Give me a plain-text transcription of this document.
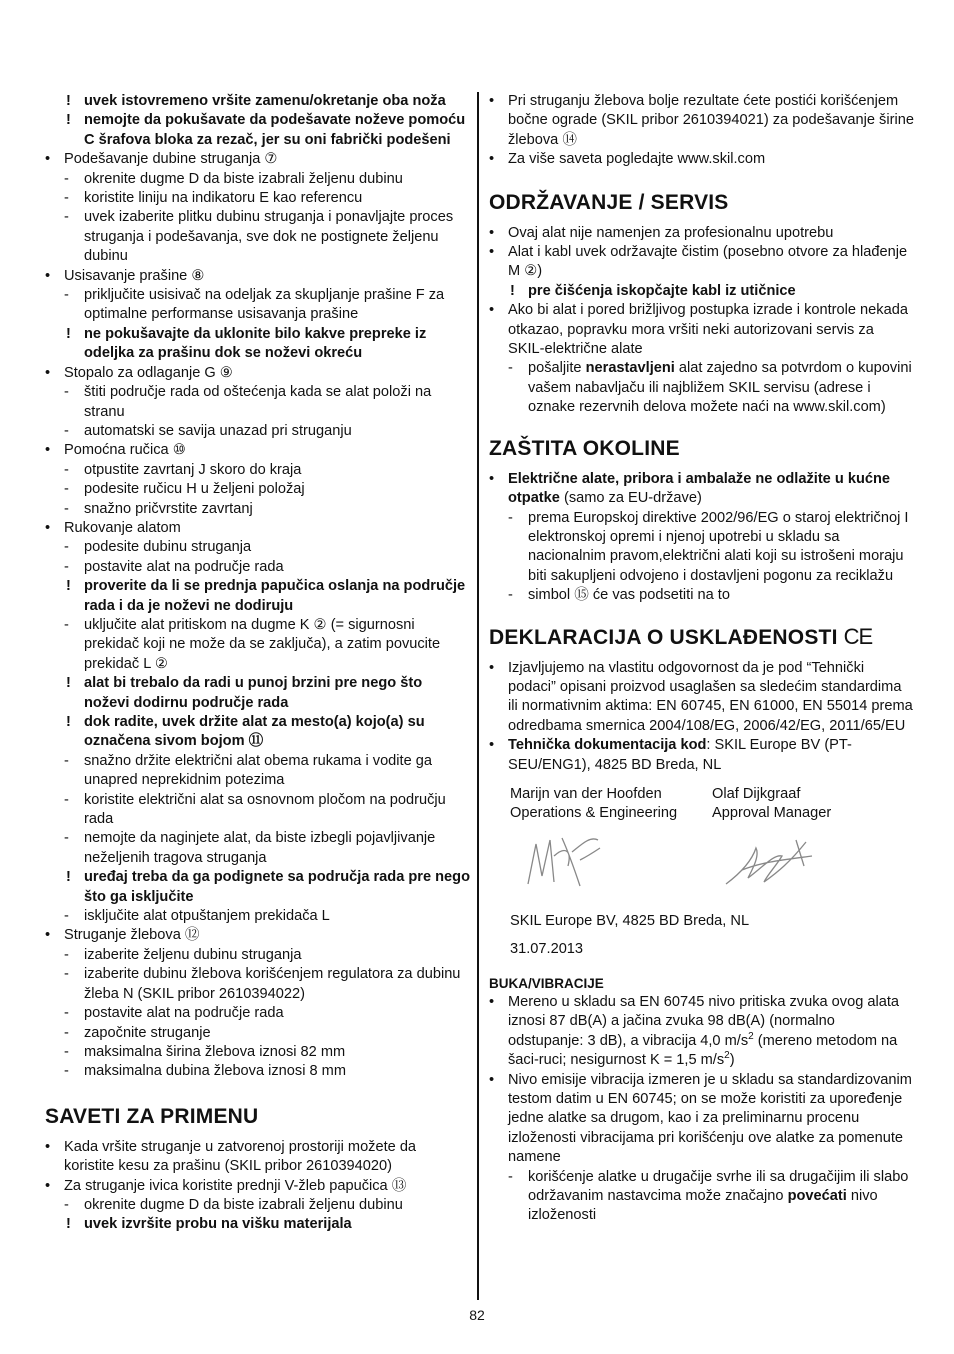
! uvek istovremeno vršite zamenu/okretanje oba noža
! nemojte da pokušavate da podešavate noževe pomoću C šrafova bloka za rezač, jer su oni fabrički podešeni
• Podešavanje dubine struganja ⑦
- okrenite dugme D da biste izabrali željenu dubinu
- koristite liniju na indikatoru E kao referencu
- uvek izaberite plitku dubinu struganja i ponavljajte proces struganja i podešavanja, sve dok ne postignete željenu dubinu
• Usisavanje prašine ⑧
- priključite usisivač na odeljak za skupljanje prašine F za optimalne performanse usisavanja prašine
! ne pokušavajte da uklonite bilo kakve prepreke iz odeljka za prašinu dok se noževi okreću
• Stopalo za odlaganje G ⑨
- štiti područje rada od oštećenja kada se alat položi na stranu
- automatski se savija unazad pri struganju
• Pomoćna ručica ⑩
- otpustite zavrtanj J skoro do kraja
- podesite ručicu H u željeni položaj
- snažno pričvrstite zavrtanj
• Rukovanje alatom
- podesite dubinu struganja
- postavite alat na područje rada
! proverite da li se prednja papučica oslanja na područje rada i da je noževi ne dodiruju
- uključite alat pritiskom na dugme K ② (= sigurnosni prekidač koji ne može da se zaključa), a zatim povucite prekidač L ②
! alat bi trebalo da radi u punoj brzini pre nego što noževi dodirnu područje rada
! dok radite, uvek držite alat za mesto(a) kojo(a) su označena sivom bojom ⑪
- snažno držite električni alat obema rukama i vodite ga unapred neprekidnim potezima
- koristite električni alat sa osnovnom pločom na području rada
- nemojte da naginjete alat, da biste izbegli pojavljivanje neželjenih tragova struganja
! uređaj treba da ga podignete sa područja rada pre nego što ga isključite
- isključite alat otpuštanjem prekidača L
• Struganje žlebova ⑫
- izaberite željenu dubinu struganja
- izaberite dubinu žlebova korišćenjem regulatora za dubinu žleba N (SKIL pribor 2610394022)
- postavite alat na područje rada
- započnite struganje
- maksimalna širina žlebova iznosi 82 mm
- maksimalna dubina žlebova iznosi 8 mm
SAVETI ZA PRIMENU
• Kada vršite struganje u zatvorenoj prostoriji možete da koristite kesu za prašinu (SKIL pribor 2610394020)
• Za struganje ivica koristite prednji V-žleb papučica ⑬
- okrenite dugme D da biste izabrali željenu dubinu
! uvek izvršite probu na višku materijala
• Pri struganju žlebova bolje rezultate ćete postići korišćenjem bočne ograde (SKIL pribor 2610394021) za podešavanje širine žlebova ⑭
• Za više saveta pogledajte www.skil.com
ODRŽAVANJE / SERVIS
• Ovaj alat nije namenjen za profesionalnu upotrebu
• Alat i kabl uvek održavajte čistim (posebno otvore za hlađenje M ②)
! pre čišćenja iskopčajte kabl iz utičnice
• Ako bi alat i pored brižljivog postupka izrade i kontrole nekada otkazao, popravku mora vršiti neki autorizovani servis za SKIL-električne alate
- pošaljite nerastavljeni alat zajedno sa potvrdom o kupovini vašem nabavljaču ili najbližem SKIL servisu (adrese i oznake rezervnih delova možete naći na www.skil.com)
ZAŠTITA OKOLINE
• Električne alate, pribora i ambalaže ne odlažite u kućne otpatke (samo za EU-države)
- prema Europskoj direktive 2002/96/EG o staroj električnoj I elektronskoj opremi i njenoj upotrebi u skladu sa nacionalnim pravom,električni alati koji su istrošeni moraju biti sakupljeni odvojeno i dostavljeni pogonu za reciklažu
- simbol ⑮ će vas podsetiti na to
DEKLARACIJA O USKLAĐENOSTI CE
• Izjavljujemo na vlastitu odgovornost da je pod “Tehnički podaci” opisani proizvod usaglašen sa sledećim standardima ili normativnim aktima: EN 60745, EN 61000, EN 55014 prema odredbama smernica 2004/108/EG, 2006/42/EG, 2011/65/EU
• Tehnička dokumentacija kod: SKIL Europe BV (PT-SEU/ENG1), 4825 BD Breda, NL
Marijn van der Hoofden
Operations & Engineering
Olaf Dijkgraaf
Approval Manager
SKIL Europe BV, 4825 BD Breda, NL
31.07.2013
BUKA/VIBRACIJE
• Mereno u skladu sa EN 60745 nivo pritiska zvuka ovog alata iznosi 87 dB(A) a jačina zvuka 98 dB(A) (normalno odstupanje: 3 dB), a vibracija 4,0 $m/s^2$ (mereno metodom na šaci-ruci; nesigurnost K = 1,5 $m/s^2$)
• Nivo emisije vibracija izmeren je u skladu sa standardizovanim testom datim u EN 60745; on se može koristiti za upoređenje jedne alatke sa drugom, kao i za preliminarnu procenu izloženosti vibracijama pri korišćenju ove alatke za pomenute namene
- korišćenje alatke u drugačije svrhe ili sa drugačijim ili slabo održavanim nastavcima može značajno povećati nivo izloženosti
82
